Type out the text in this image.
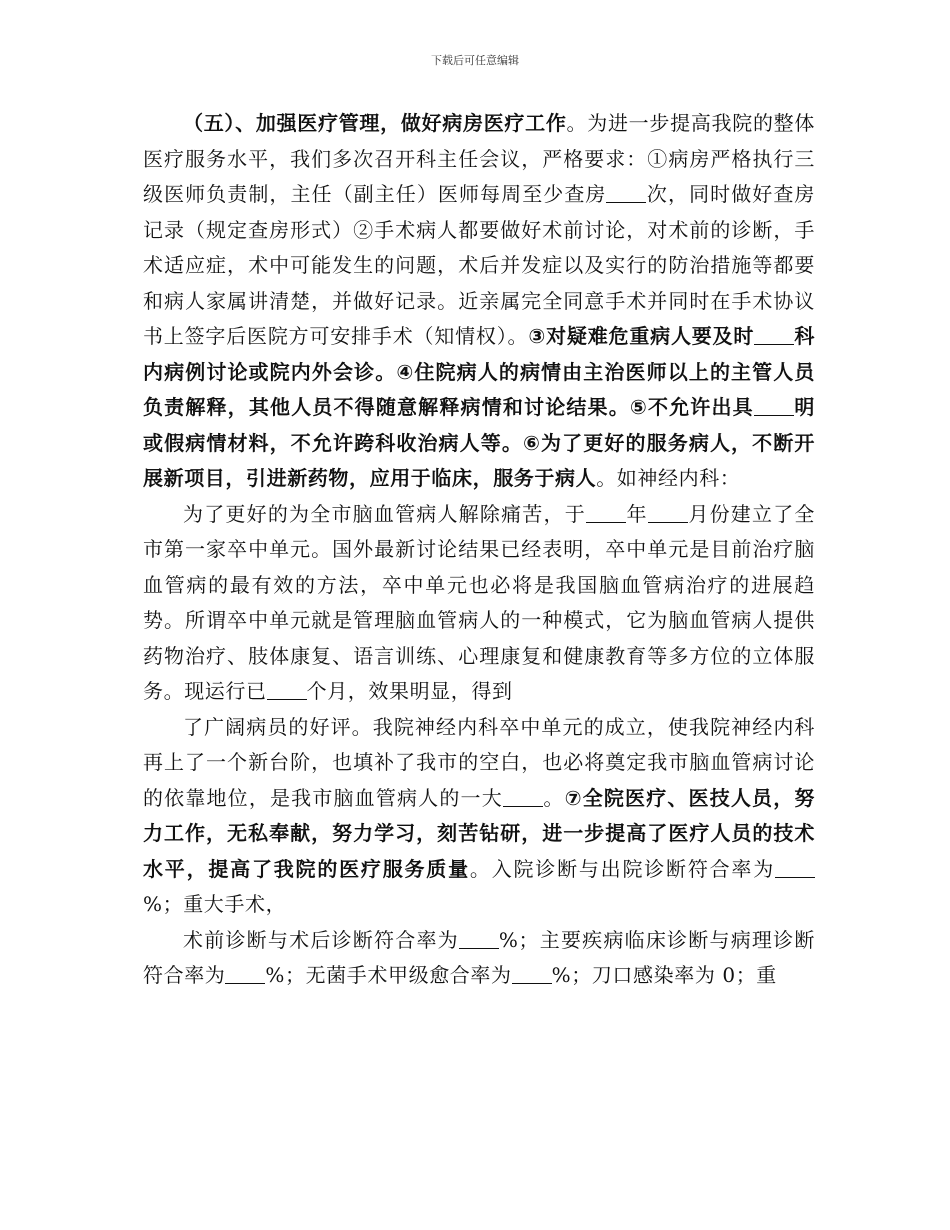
下载后可任意编辑

（五）、加强医疗管理，做好病房医疗工作。为进一步提高我院的整体医疗服务水平，我们多次召开科主任会议，严格要求：①病房严格执行三级医师负责制，主任（副主任）医师每周至少查房 次，同时做好查房记录（规定查房形式）②手术病人都要做好术前讨论，对术前的诊断，手术适应症，术中可能发生的问题，术后并发症以及实行的防治措施等都要和病人家属讲清楚，并做好记录。近亲属完全同意手术并同时在手术协议书上签字后医院方可安排手术（知情权）。③对疑难危重病人要及时 科内病例讨论或院内外会诊。④住院病人的病情由主治医师以上的主管人员负责解释，其他人员不得随意解释病情和讨论结果。⑤不允许出具 明或假病情材料，不允许跨科收治病人等。⑥为了更好的服务病人，不断开展新项目，引进新药物，应用于临床，服务于病人。如神经内科：

为了更好的为全市脑血管病人解除痛苦，于 年 月份建立了全市第一家卒中单元。国外最新讨论结果已经表明，卒中单元是目前治疗脑血管病的最有效的方法，卒中单元也必将是我国脑血管病治疗的进展趋势。所谓卒中单元就是管理脑血管病人的一种模式，它为脑血管病人提供药物治疗、肢体康复、语言训练、心理康复和健康教育等多方位的立体服务。现运行已 个月，效果明显，得到

了广阔病员的好评。我院神经内科卒中单元的成立，使我院神经内科再上了一个新台阶，也填补了我市的空白，也必将奠定我市脑血管病讨论的依靠地位，是我市脑血管病人的一大 。⑦全院医疗、医技人员，努力工作，无私奉献，努力学习，刻苦钻研，进一步提高了医疗人员的技术水平，提高了我院的医疗服务质量。入院诊断与出院诊断符合率为%；重大手术，

术前诊断与术后诊断符合率为 %；主要疾病临床诊断与病理诊断符合率为 %；无菌手术甲级愈合率为 %；刀口感染率为 0；重
